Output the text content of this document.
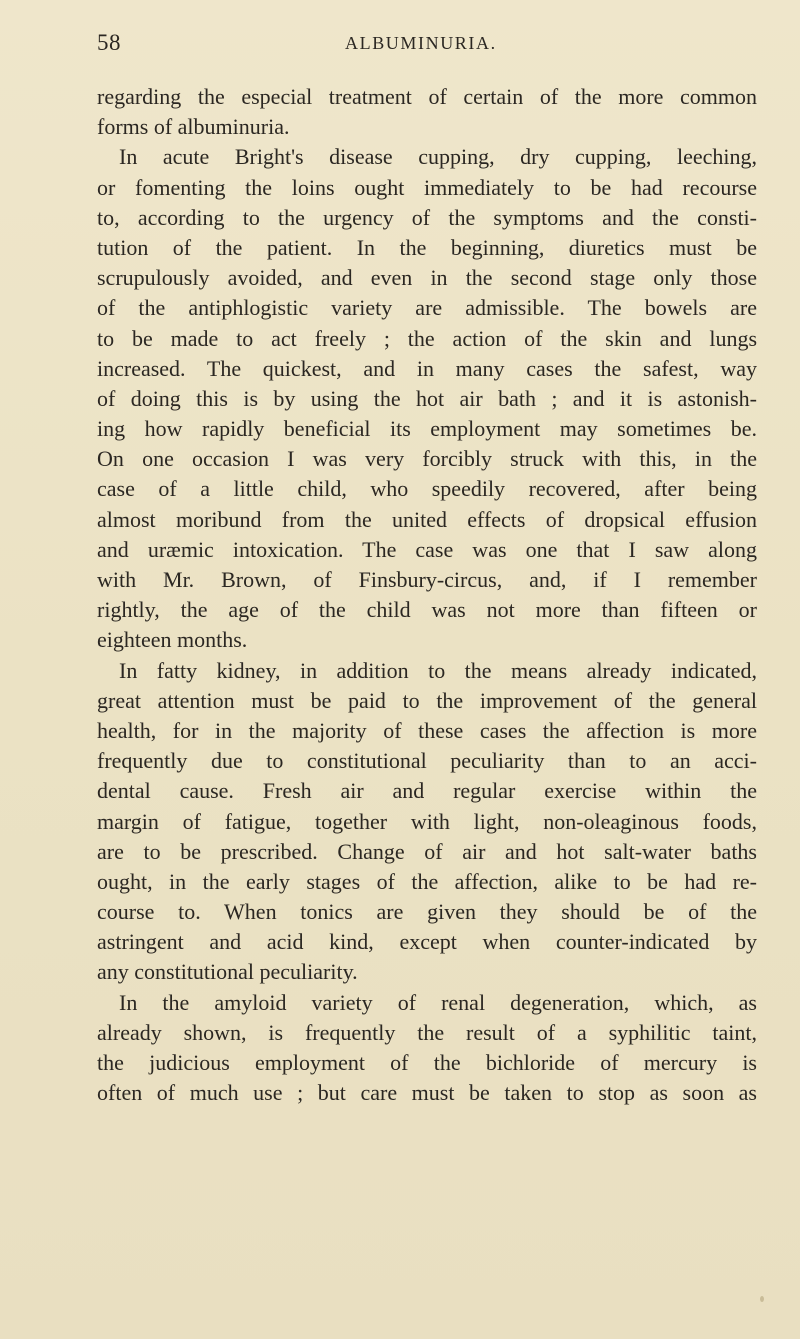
58	ALBUMINURIA.
regarding the especial treatment of certain of the more common
forms of albuminuria.
In acute Bright's disease cupping, dry cupping, leeching,
or fomenting the loins ought immediately to be had recourse
to, according to the urgency of the symptoms and the consti-
tution of the patient. In the beginning, diuretics must be
scrupulously avoided, and even in the second stage only those
of the antiphlogistic variety are admissible. The bowels are
to be made to act freely ; the action of the skin and lungs
increased. The quickest, and in many cases the safest, way
of doing this is by using the hot air bath ; and it is astonish-
ing how rapidly beneficial its employment may sometimes be.
On one occasion I was very forcibly struck with this, in the
case of a little child, who speedily recovered, after being
almost moribund from the united effects of dropsical effusion
and uræmic intoxication. The case was one that I saw along
with Mr. Brown, of Finsbury-circus, and, if I remember
rightly, the age of the child was not more than fifteen or
eighteen months.
In fatty kidney, in addition to the means already indicated,
great attention must be paid to the improvement of the general
health, for in the majority of these cases the affection is more
frequently due to constitutional peculiarity than to an acci-
dental cause. Fresh air and regular exercise within the
margin of fatigue, together with light, non-oleaginous foods,
are to be prescribed. Change of air and hot salt-water baths
ought, in the early stages of the affection, alike to be had re-
course to. When tonics are given they should be of the
astringent and acid kind, except when counter-indicated by
any constitutional peculiarity.
In the amyloid variety of renal degeneration, which, as
already shown, is frequently the result of a syphilitic taint,
the judicious employment of the bichloride of mercury is
often of much use ; but care must be taken to stop as soon as
